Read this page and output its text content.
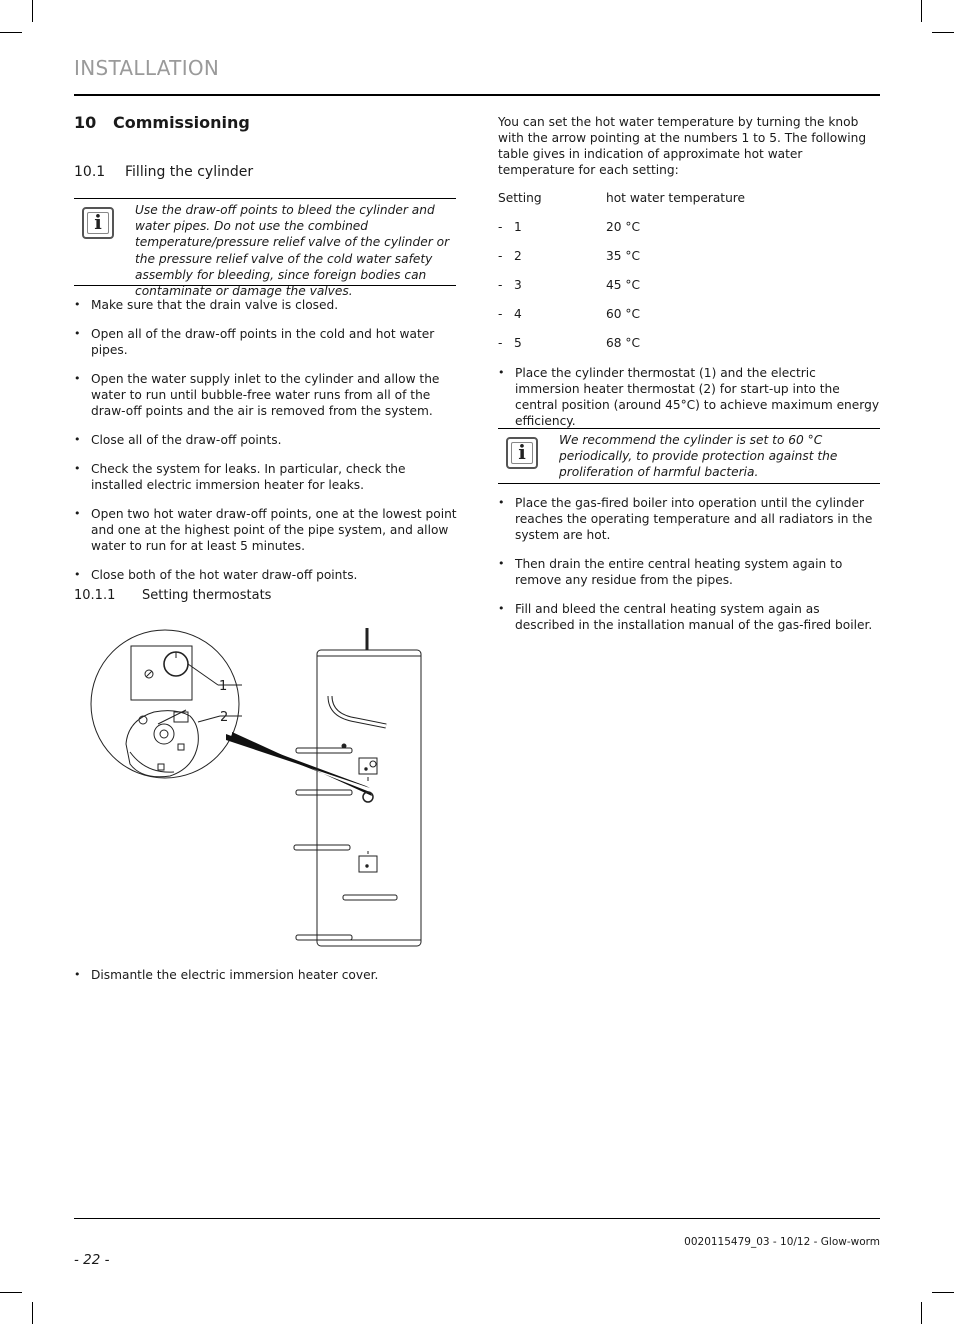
INSTALLATION
10 Commissioning
10.1 Filling the cylinder
i	Use the draw-off points to bleed the cylinder and water pipes. Do not use the combined temperature/pressure relief valve of the cylinder or the pressure relief valve of the cold water safety assembly for bleeding, since foreign bodies can contaminate or damage the valves.
• Make sure that the drain valve is closed.
• Open all of the draw-off points in the cold and hot water pipes.
• Open the water supply inlet to the cylinder and allow the water to run until bubble-free water runs from all of the draw-off points and the air is removed from the system.
• Close all of the draw-off points.
• Check the system for leaks. In particular, check the installed electric immersion heater for leaks.
• Open two hot water draw-off points, one at the lowest point and one at the highest point of the pipe system, and allow water to run for at least 5 minutes.
• Close both of the hot water draw-off points.
10.1.1 Setting thermostats
1
2
• Dismantle the electric immersion heater cover.
You can set the hot water temperature by turning the knob with the arrow pointing at the numbers 1 to 5. The following table gives in indication of approximate hot water temperature for each setting:
Setting	hot water temperature
-   1	20 °C
-   2	35 °C
-   3	45 °C
-   4	60 °C
-   5	68 °C
• Place the cylinder thermostat (1) and the electric immersion heater thermostat (2) for start-up into the central position (around 45°C) to achieve maximum energy efficiency.
i	We recommend the cylinder is set to 60 °C periodically, to provide protection against the proliferation of harmful bacteria.
• Place the gas-fired boiler into operation until the cylinder reaches the operating temperature and all radiators in the system are hot.
• Then drain the entire central heating system again to remove any residue from the pipes.
• Fill and bleed the central heating system again as described in the installation manual of the gas-fired boiler.
0020115479_03 - 10/12 - Glow-worm
- 22 -
